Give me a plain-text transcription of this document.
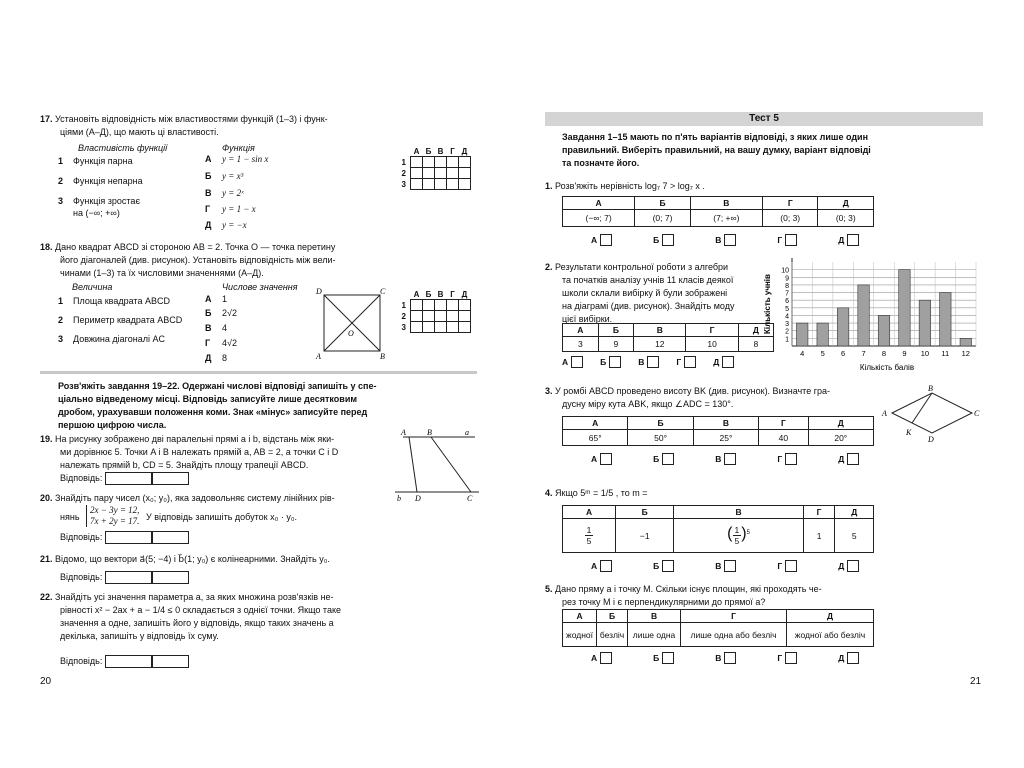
17. Установіть відповідність між властивостями функцій (1–3) і функ-
ціями (А–Д), що мають ці властивості.
Властивість функції	Функція
1 Функція парна
2 Функція непарна
3 Функція зростає
на (−∞; +∞)
А y = 1 − sin x
Б y = x³
В y = 2ˣ
Г y = 1 − x
Д y = −x
	А	Б	В	Г	Д
1					
2					
3					
18. Дано квадрат ABCD зі стороною AB = 2. Точка O — точка перетину
його діагоналей (див. рисунок). Установіть відповідність між вели-
чинами (1–3) та їх числовими значеннями (А–Д).
Величина	Числове значення
1 Площа квадрата ABCD
2 Периметр квадрата ABCD
3 Довжина діагоналі AC
А 1
Б 2√2
В 4
Г 4√2
Д 8
D	C
A	B
O
	А	Б	В	Г	Д
1					
2					
3					
Розв'яжіть завдання 19–22. Одержані числові відповіді запишіть у спе-
ціально відведеному місці. Відповідь записуйте лише десятковим
дробом, урахувавши положення коми. Знак «мінус» записуйте перед
першою цифрою числа.
19. На рисунку зображено дві паралельні прямі a і b, відстань між яки-
ми дорівнює 5. Точки A і B належать прямій a, AB = 2, а точки C і D
належать прямій b, CD = 5. Знайдіть площу трапеції ABCD.
Відповідь:
A	B	a
b D	C
20. Знайдіть пару чисел (x₀; y₀), яка задовольняє систему лінійних рів-
нянь
2x − 3y = 12,
7x + 2y = 17. У відповідь запишіть добуток x₀ · y₀.
Відповідь:
21. Відомо, що вектори a⃗(5; −4) і b⃗(1; y₀) є колінеарними. Знайдіть y₀.
Відповідь:
22. Знайдіть усі значення параметра a, за яких множина розв'язків не-
рівності x² − 2ax + a − 1/4 ≤ 0 складається з однієї точки. Якщо таке
значення a одне, запишіть його у відповідь, якщо таких значень a
декілька, запишіть у відповідь їх суму.
Відповідь:
20
Тест 5
Завдання 1–15 мають по п'ять варіантів відповіді, з яких лише один
правильний. Виберіть правильний, на вашу думку, варіант відповіді
та позначте його.
1. Розв'яжіть нерівність log₇ 7 > log₇ x .
А	Б	В	Г	Д
(−∞; 7)	(0; 7)	(7; +∞)	(0; 3)	(0; 3)
А	Б	В	Г	Д
2. Результати контрольної роботи з алгебри
та початків аналізу учнів 11 класів деякої
школи склали вибірку й були зображені
на діаграмі (див. рисунок). Знайдіть моду
цієї вибірки.
А	Б	В	Г	Д
3	9	12	10	8
А	Б	В	Г	Д
Кількість учнів
Кількість балів
1
2
3
4
5
6
7
8
9
10
4 5 6 7 8 9 10 11 12
3. У ромбі ABCD проведено висоту BK (див. рисунок). Визначте гра-
дусну міру кута ABK, якщо ∠ADC = 130°.
A
B
C
D
K
А	Б	В	Г	Д
65°	50°	25°	40	20°
А	Б	В	Г	Д
4. Якщо 5ᵐ = 1/5 , то m =
А	Б	В	Г	Д
$\frac{1}{5}$	−1	$(\frac{1}{5})^5$	1	5
А	Б	В	Г	Д
5. Дано пряму a і точку M. Скільки існує площин, які проходять че-
рез точку M і є перпендикулярними до прямої a?
А	Б	В	Г	Д
жодної	безліч	лише одна	лише одна або безліч	жодної або безліч
А	Б	В	Г	Д
21
